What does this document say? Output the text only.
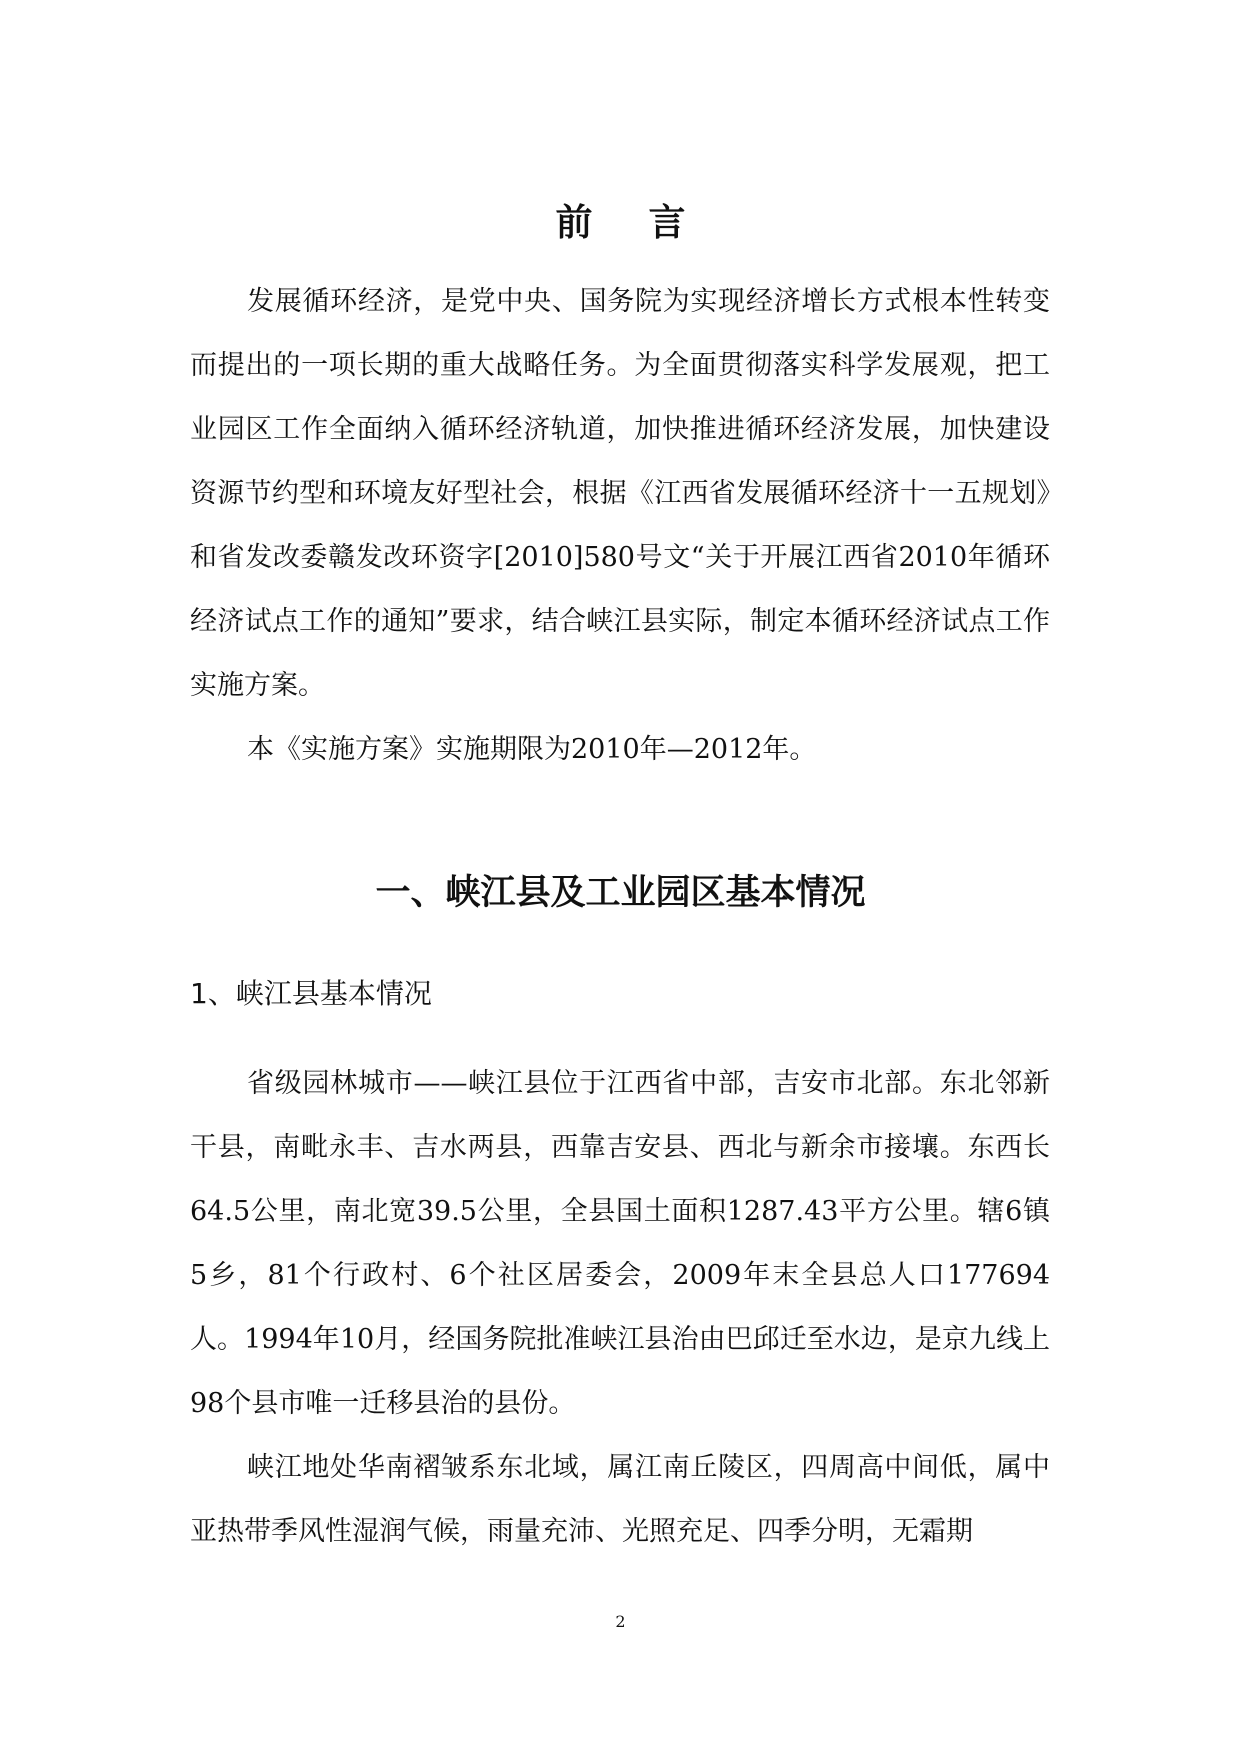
前 言

发展循环经济，是党中央、国务院为实现经济增长方式根本性转变而提出的一项长期的重大战略任务。为全面贯彻落实科学发展观，把工业园区工作全面纳入循环经济轨道，加快推进循环经济发展，加快建设资源节约型和环境友好型社会，根据《江西省发展循环经济十一五规划》和省发改委赣发改环资字[2010]580号文“关于开展江西省2010年循环经济试点工作的通知”要求，结合峡江县实际，制定本循环经济试点工作实施方案。

本《实施方案》实施期限为2010年—2012年。

一、峡江县及工业园区基本情况
1、峡江县基本情况

省级园林城市——峡江县位于江西省中部，吉安市北部。东北邻新干县，南毗永丰、吉水两县，西靠吉安县、西北与新余市接壤。东西长64.5公里，南北宽39.5公里，全县国土面积1287.43平方公里。辖6镇5乡，81个行政村、6个社区居委会，2009年末全县总人口177694人。1994年10月，经国务院批准峡江县治由巴邱迁至水边，是京九线上98个县市唯一迁移县治的县份。

峡江地处华南褶皱系东北域，属江南丘陵区，四周高中间低，属中亚热带季风性湿润气候，雨量充沛、光照充足、四季分明，无霜期

2
